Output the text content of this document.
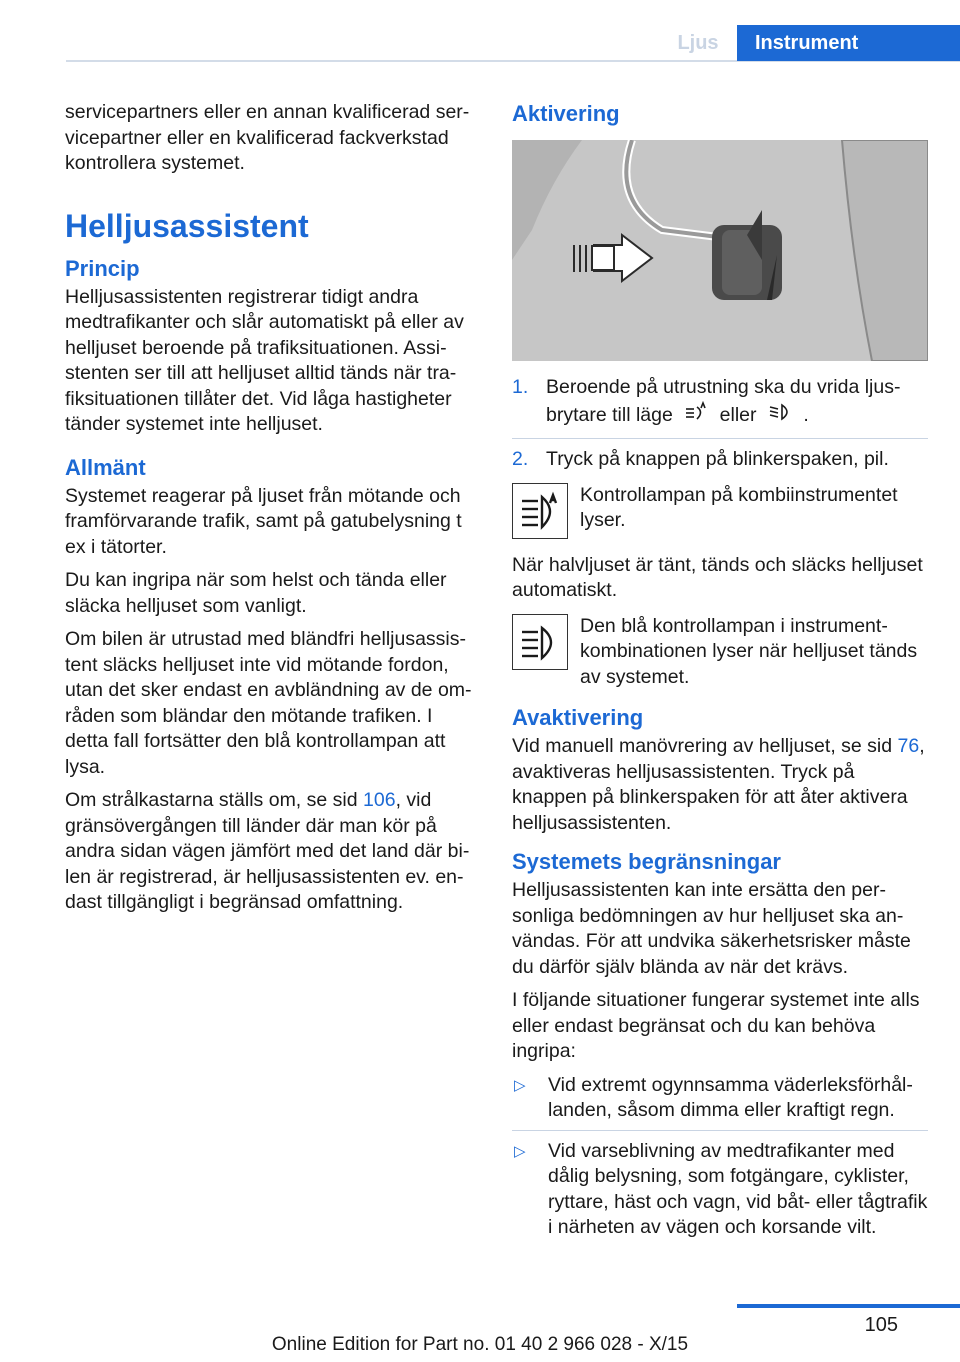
Ljus	Instrument

servicepartners eller en annan kvalificerad servicepartner eller en kvalificerad fackverkstad kontrollera systemet.

Helljusassistent
Princip

Helljusassistenten registrerar tidigt andra medtrafikanter och slår automatiskt på eller av helljuset beroende på trafiksituationen. Assistenten ser till att helljuset alltid tänds när trafiksituationen tillåter det. Vid låga hastigheter tänder systemet inte helljuset.

Allmänt

Systemet reagerar på ljuset från mötande och framförvarande trafik, samt på gatubelysning t ex i tätorter.

Du kan ingripa när som helst och tända eller släcka helljuset som vanligt.

Om bilen är utrustad med bländfri helljusassistent släcks helljuset inte vid mötande fordon, utan det sker endast en avbländning av de områden som bländar den mötande trafiken. I detta fall fortsätter den blå kontrollampan att lysa.

Om strålkastarna ställs om, se sid 106, vid gränsövergången till länder där man kör på andra sidan vägen jämfört med det land där bilen är registrerad, är helljusassistenten ev. endast tillgängligt i begränsad omfattning.

Aktivering
1. Beroende på utrustning ska du vrida ljusbrytare till läge eller .
2. Tryck på knappen på blinkerspaken, pil.
Kontrollampan på kombiinstrumentet lyser.

När halvljuset är tänt, tänds och släcks helljuset automatiskt.

Den blå kontrollampan i instrumentkombinationen lyser när helljuset tänds av systemet.
Avaktivering

Vid manuell manövrering av helljuset, se sid 76, avaktiveras helljusassistenten. Tryck på knappen på blinkerspaken för att åter aktivera helljusassistenten.

Systemets begränsningar

Helljusassistenten kan inte ersätta den personliga bedömningen av hur helljuset ska användas. För att undvika säkerhetsrisker måste du därför själv blända av när det krävs.

I följande situationer fungerar systemet inte alls eller endast begränsat och du kan behöva ingripa:

▷	Vid extremt ogynnsamma väderleksförhållanden, såsom dimma eller kraftigt regn.
▷	Vid varseblivning av medtrafikanter med dålig belysning, som fotgängare, cyklister, ryttare, häst och vagn, vid båt- eller tågtrafik i närheten av vägen och korsande vilt.
105
Online Edition for Part no. 01 40 2 966 028 - X/15
